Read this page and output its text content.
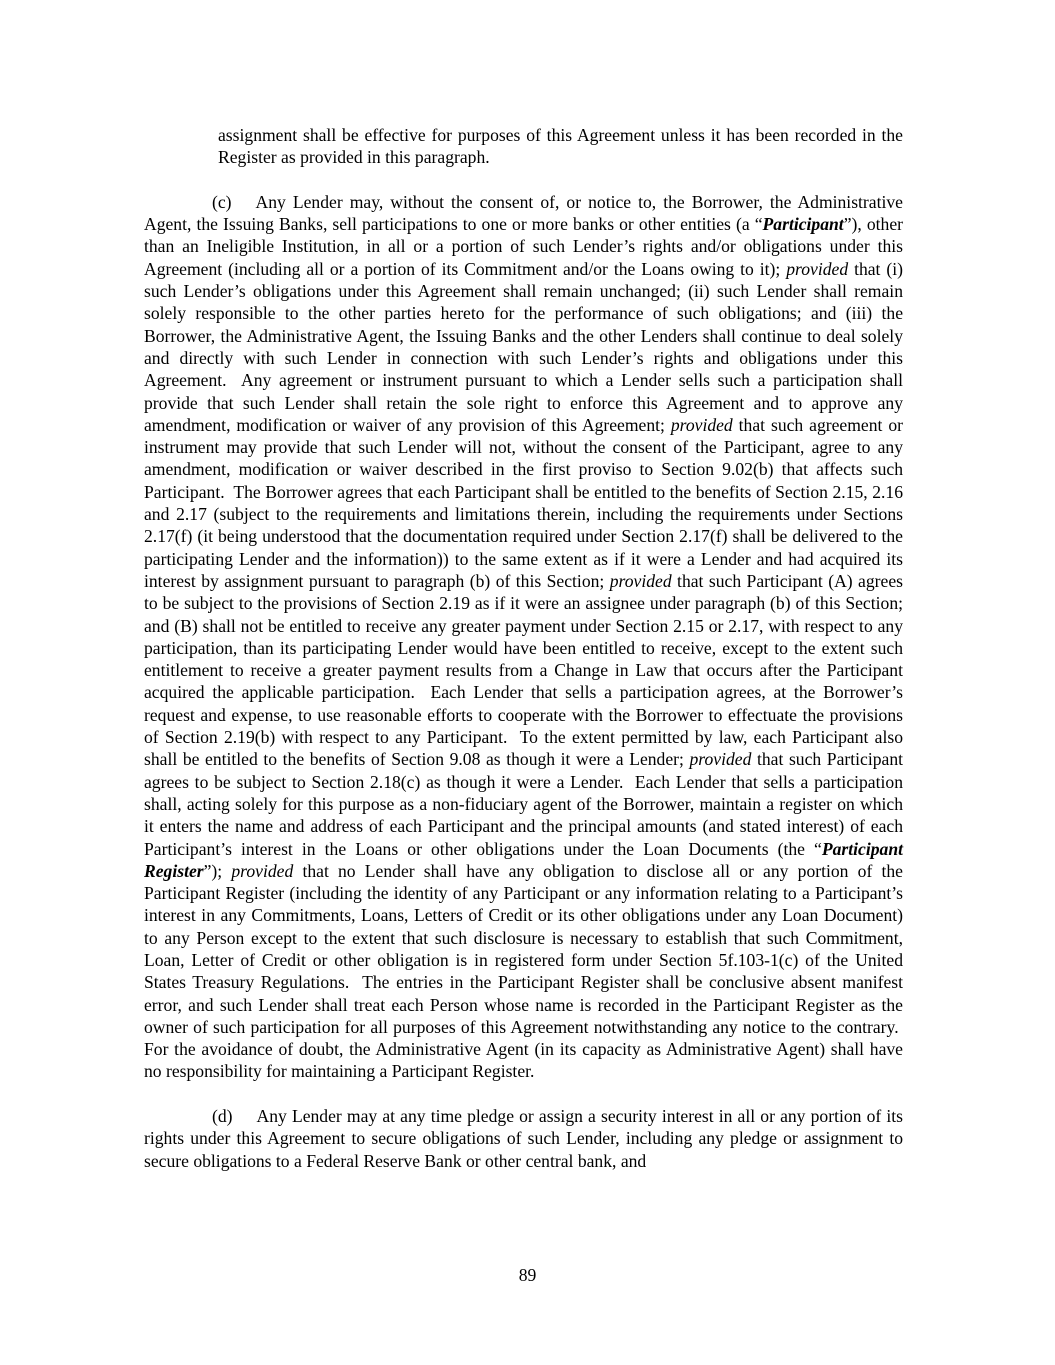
assignment shall be effective for purposes of this Agreement unless it has been recorded in the Register as provided in this paragraph.

(c) Any Lender may, without the consent of, or notice to, the Borrower, the Administrative Agent, the Issuing Banks, sell participations to one or more banks or other entities (a “Participant”), other than an Ineligible Institution, in all or a portion of such Lender’s rights and/or obligations under this Agreement (including all or a portion of its Commitment and/or the Loans owing to it); provided that (i) such Lender’s obligations under this Agreement shall remain unchanged; (ii) such Lender shall remain solely responsible to the other parties hereto for the performance of such obligations; and (iii) the Borrower, the Administrative Agent, the Issuing Banks and the other Lenders shall continue to deal solely and directly with such Lender in connection with such Lender’s rights and obligations under this Agreement.  Any agreement or instrument pursuant to which a Lender sells such a participation shall provide that such Lender shall retain the sole right to enforce this Agreement and to approve any amendment, modification or waiver of any provision of this Agreement; provided that such agreement or instrument may provide that such Lender will not, without the consent of the Participant, agree to any amendment, modification or waiver described in the first proviso to Section 9.02(b) that affects such Participant.  The Borrower agrees that each Participant shall be entitled to the benefits of Section 2.15, 2.16 and 2.17 (subject to the requirements and limitations therein, including the requirements under Sections 2.17(f) (it being understood that the documentation required under Section 2.17(f) shall be delivered to the participating Lender and the information)) to the same extent as if it were a Lender and had acquired its interest by assignment pursuant to paragraph (b) of this Section; provided that such Participant (A) agrees to be subject to the provisions of Section 2.19 as if it were an assignee under paragraph (b) of this Section; and (B) shall not be entitled to receive any greater payment under Section 2.15 or 2.17, with respect to any participation, than its participating Lender would have been entitled to receive, except to the extent such entitlement to receive a greater payment results from a Change in Law that occurs after the Participant acquired the applicable participation.  Each Lender that sells a participation agrees, at the Borrower’s request and expense, to use reasonable efforts to cooperate with the Borrower to effectuate the provisions of Section 2.19(b) with respect to any Participant.  To the extent permitted by law, each Participant also shall be entitled to the benefits of Section 9.08 as though it were a Lender; provided that such Participant agrees to be subject to Section 2.18(c) as though it were a Lender.  Each Lender that sells a participation shall, acting solely for this purpose as a non-fiduciary agent of the Borrower, maintain a register on which it enters the name and address of each Participant and the principal amounts (and stated interest) of each Participant’s interest in the Loans or other obligations under the Loan Documents (the “Participant Register”); provided that no Lender shall have any obligation to disclose all or any portion of the Participant Register (including the identity of any Participant or any information relating to a Participant’s interest in any Commitments, Loans, Letters of Credit or its other obligations under any Loan Document) to any Person except to the extent that such disclosure is necessary to establish that such Commitment, Loan, Letter of Credit or other obligation is in registered form under Section 5f.103-1(c) of the United States Treasury Regulations.  The entries in the Participant Register shall be conclusive absent manifest error, and such Lender shall treat each Person whose name is recorded in the Participant Register as the owner of such participation for all purposes of this Agreement notwithstanding any notice to the contrary.  For the avoidance of doubt, the Administrative Agent (in its capacity as Administrative Agent) shall have no responsibility for maintaining a Participant Register.

(d) Any Lender may at any time pledge or assign a security interest in all or any portion of its rights under this Agreement to secure obligations of such Lender, including any pledge or assignment to secure obligations to a Federal Reserve Bank or other central bank, and

89
